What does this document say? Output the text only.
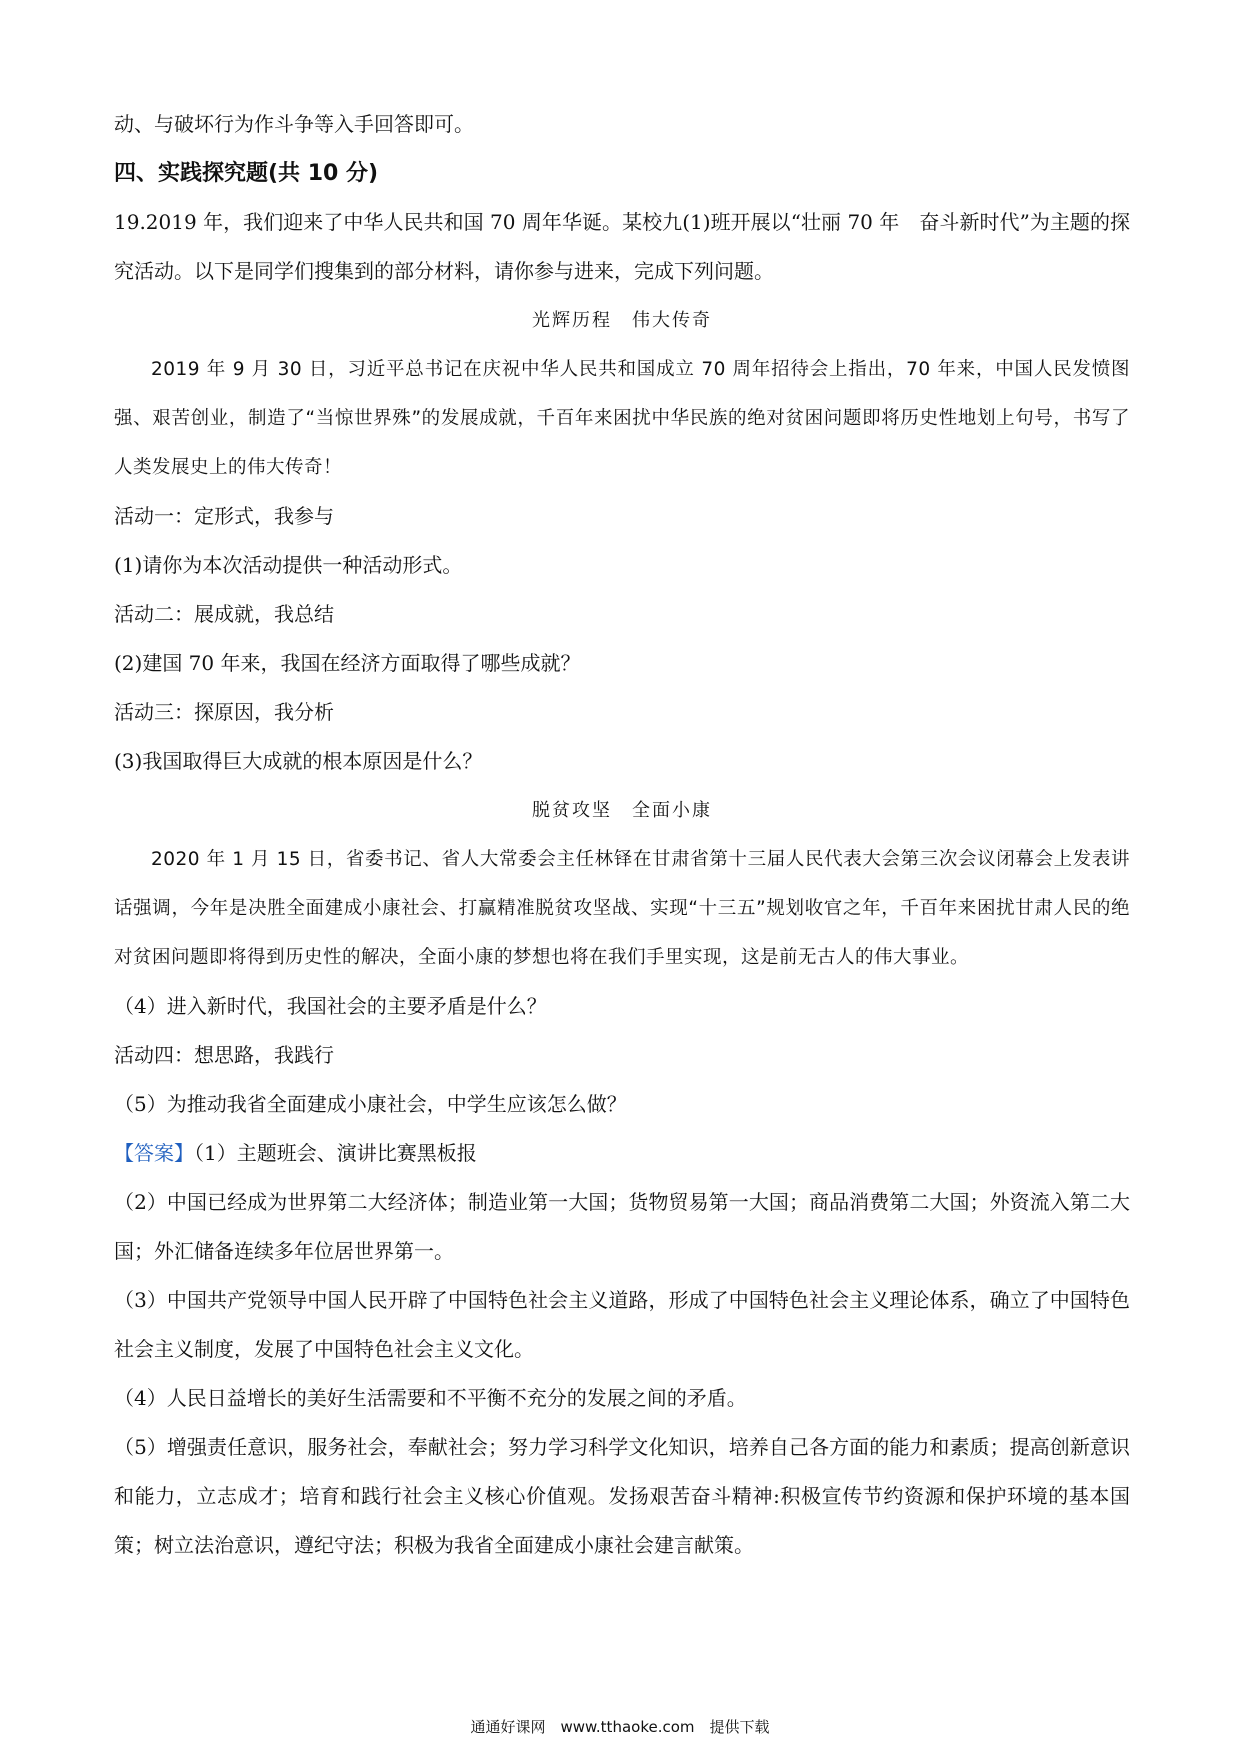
动、与破坏行为作斗争等入手回答即可。

四、实践探究题(共 10 分)

19.2019 年，我们迎来了中华人民共和国 70 周年华诞。某校九(1)班开展以“壮丽 70 年　奋斗新时代”为主题的探究活动。以下是同学们搜集到的部分材料，请你参与进来，完成下列问题。

光辉历程　伟大传奇

2019 年 9 月 30 日，习近平总书记在庆祝中华人民共和国成立 70 周年招待会上指出，70 年来，中国人民发愤图强、艰苦创业，制造了“当惊世界殊”的发展成就，千百年来困扰中华民族的绝对贫困问题即将历史性地划上句号，书写了人类发展史上的伟大传奇！

活动一：定形式，我参与

(1)请你为本次活动提供一种活动形式。

活动二：展成就，我总结

(2)建国 70 年来，我国在经济方面取得了哪些成就？

活动三：探原因，我分析

(3)我国取得巨大成就的根本原因是什么？

脱贫攻坚　全面小康

2020 年 1 月 15 日，省委书记、省人大常委会主任林铎在甘肃省第十三届人民代表大会第三次会议闭幕会上发表讲话强调，今年是决胜全面建成小康社会、打赢精准脱贫攻坚战、实现“十三五”规划收官之年，千百年来困扰甘肃人民的绝对贫困问题即将得到历史性的解决，全面小康的梦想也将在我们手里实现，这是前无古人的伟大事业。

（4）进入新时代，我国社会的主要矛盾是什么？

活动四：想思路，我践行

（5）为推动我省全面建成小康社会，中学生应该怎么做？

【答案】（1）主题班会、演讲比赛黑板报

（2）中国已经成为世界第二大经济体；制造业第一大国；货物贸易第一大国；商品消费第二大国；外资流入第二大国；外汇储备连续多年位居世界第一。

（3）中国共产党领导中国人民开辟了中国特色社会主义道路，形成了中国特色社会主义理论体系，确立了中国特色社会主义制度，发展了中国特色社会主义文化。

（4）人民日益增长的美好生活需要和不平衡不充分的发展之间的矛盾。

（5）增强责任意识，服务社会，奉献社会；努力学习科学文化知识，培养自己各方面的能力和素质；提高创新意识和能力，立志成才；培育和践行社会主义核心价值观。发扬艰苦奋斗精神:积极宣传节约资源和保护环境的基本国策；树立法治意识，遵纪守法；积极为我省全面建成小康社会建言献策。

通通好课网　www.tthaoke.com　提供下载
